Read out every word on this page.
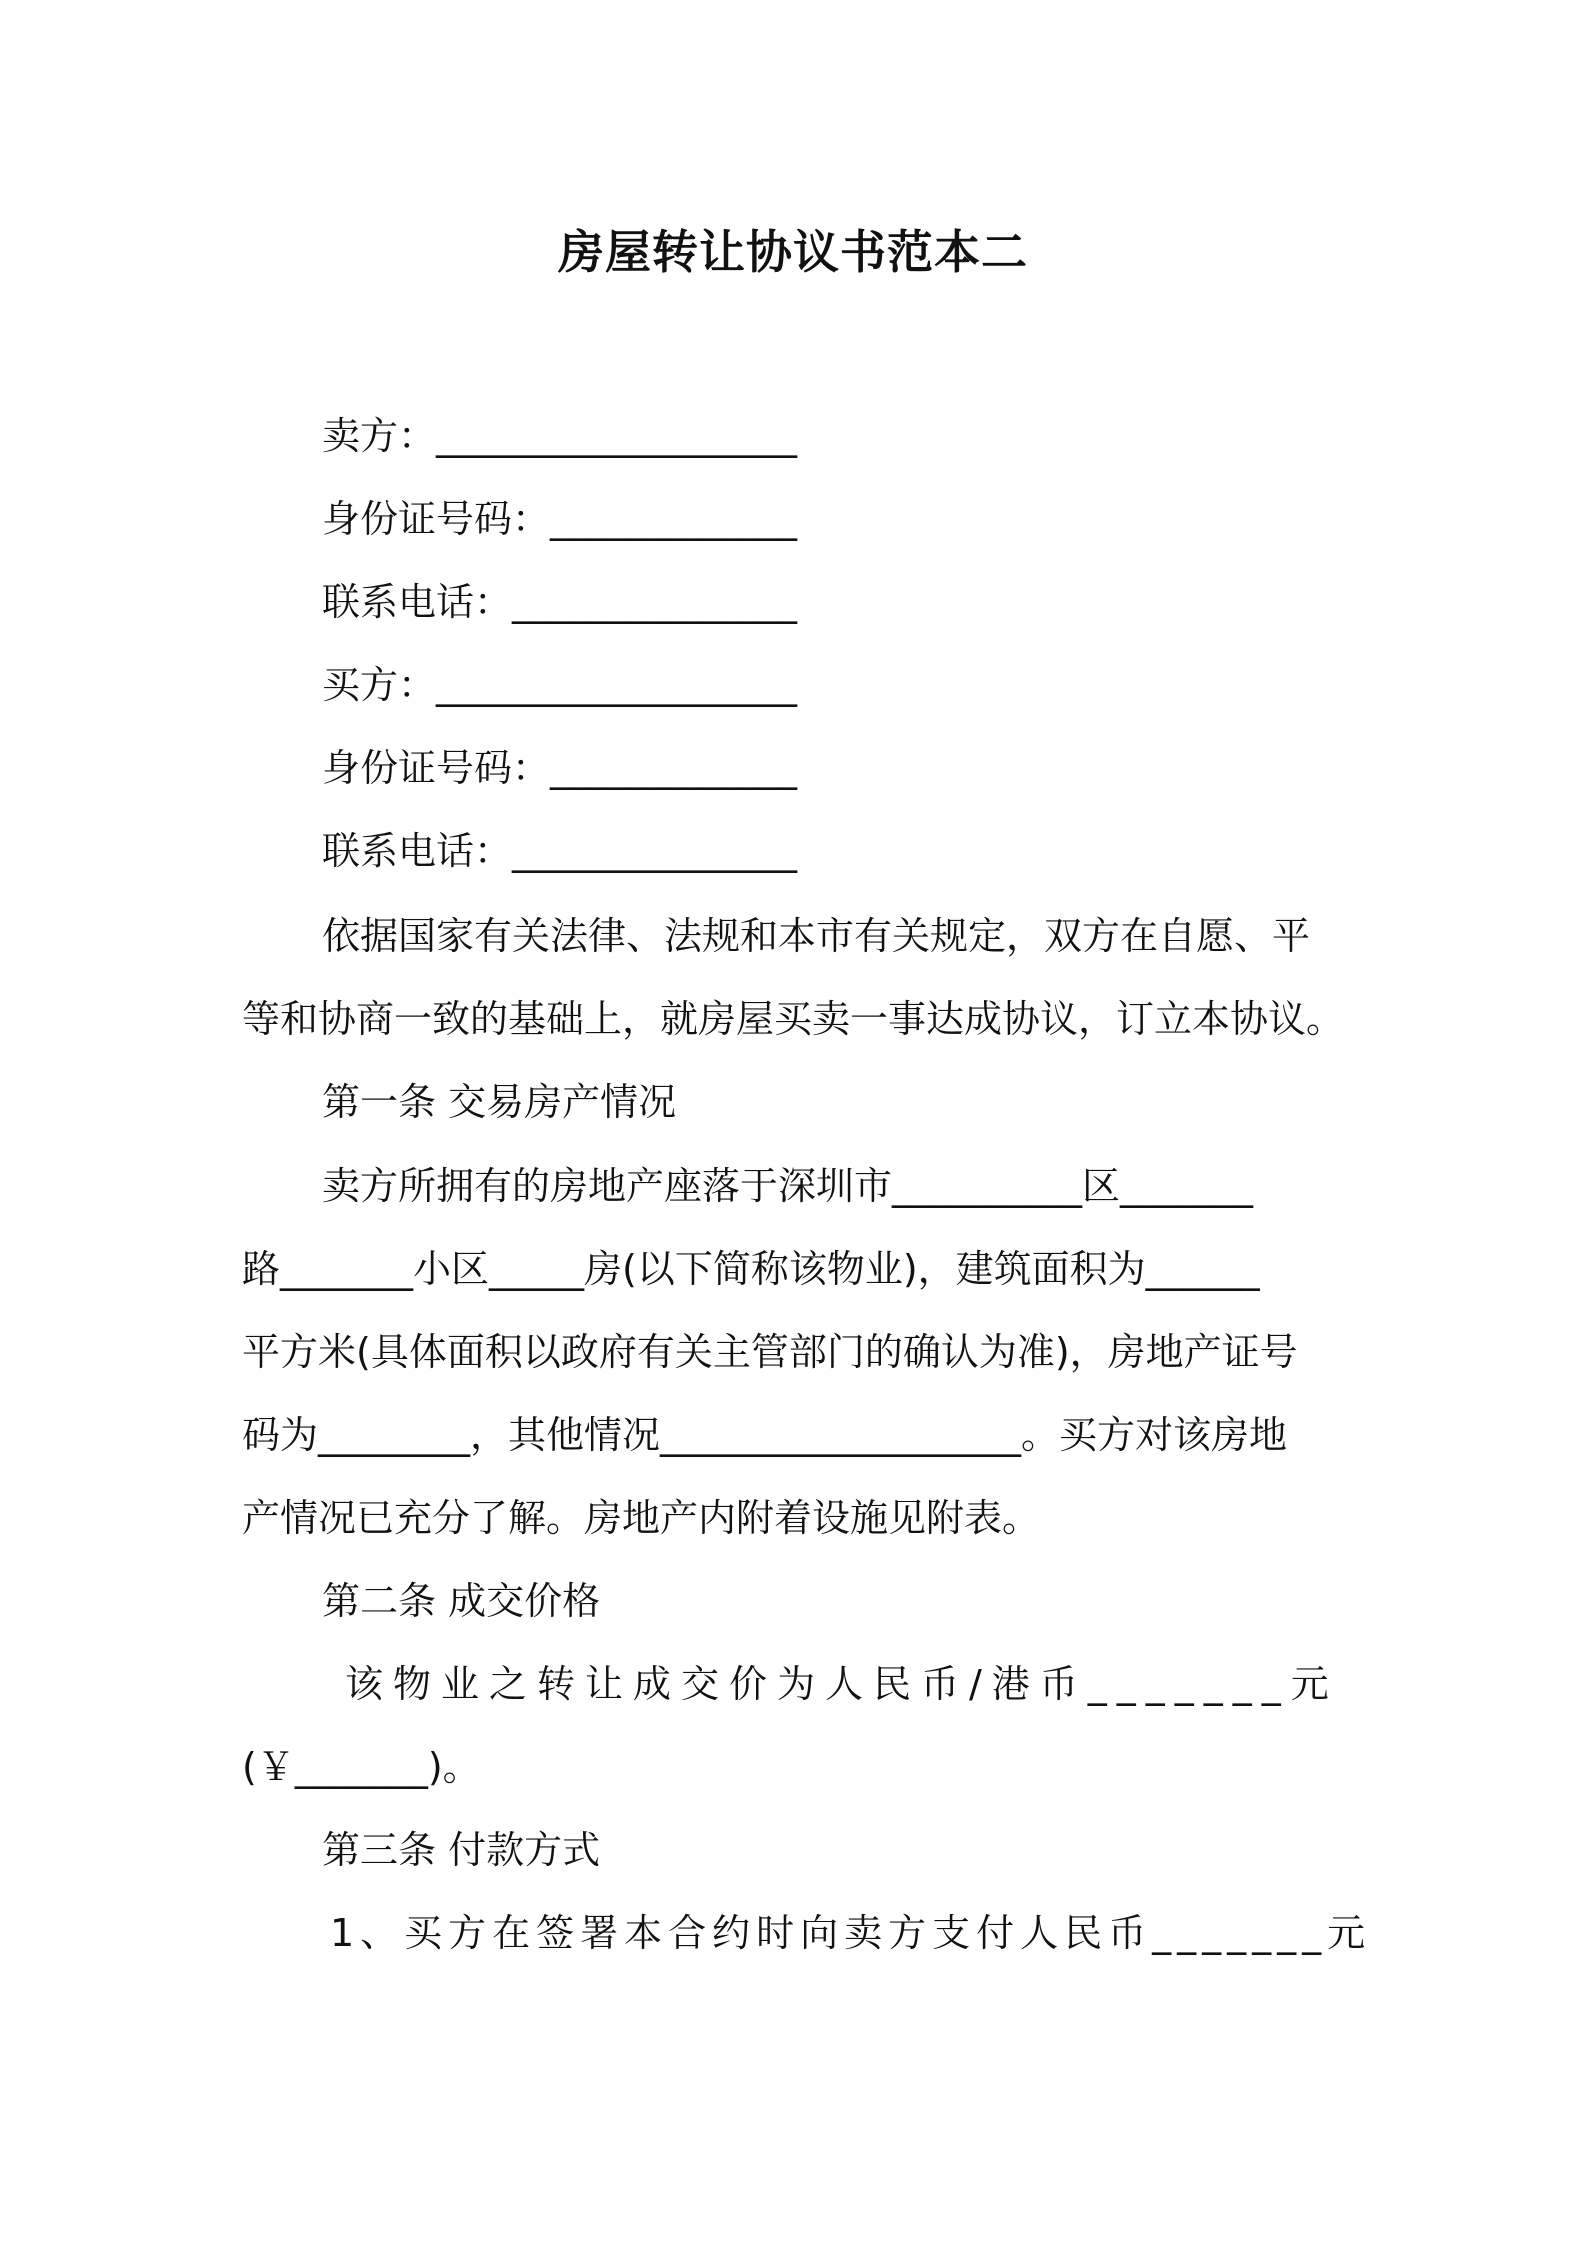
房屋转让协议书范本二
卖方：___________________
身份证号码：_____________
联系电话：_______________
买方：___________________
身份证号码：_____________
联系电话：_______________
依据国家有关法律、法规和本市有关规定，双方在自愿、平
等和协商一致的基础上，就房屋买卖一事达成协议，订立本协议。
第一条 交易房产情况
卖方所拥有的房地产座落于深圳市__________区_______
路_______小区_____房(以下简称该物业)，建筑面积为______
平方米(具体面积以政府有关主管部门的确认为准)，房地产证号
码为________，其他情况___________________。买方对该房地
产情况已充分了解。房地产内附着设施见附表。
第二条 成交价格
该物业之转让成交价为人民币/港币_______元
(￥_______)。
第三条 付款方式
1、买方在签署本合约时向卖方支付人民币_______元
